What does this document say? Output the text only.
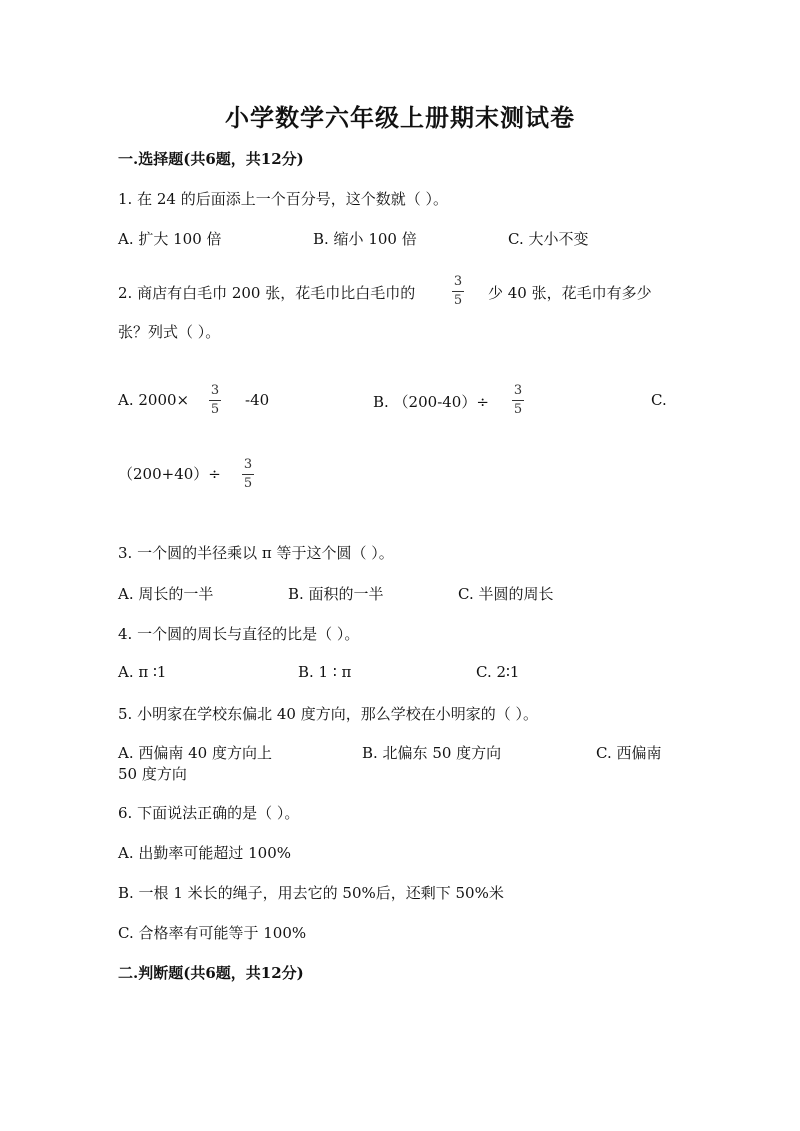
小学数学六年级上册期末测试卷
一.选择题(共6题，共12分)
1. 在 24 的后面添上一个百分号，这个数就（ ）。
A. 扩大 100 倍	B. 缩小 100 倍	C. 大小不变
2. 商店有白毛巾 200 张，花毛巾比白毛巾的
3
5 少 40 张，花毛巾有多少
张？列式（ ）。
A. 2000×
3
5
-40	B. （200-40）÷
3
5
C.
（200+40）÷
3
5
3. 一个圆的半径乘以 π 等于这个圆（ ）。
A. 周长的一半	B. 面积的一半	C. 半圆的周长
4. 一个圆的周长与直径的比是（ ）。
A. π ∶1	B. 1 ∶ π	C. 2∶1
5. 小明家在学校东偏北 40 度方向，那么学校在小明家的（ ）。
A. 西偏南 40 度方向上	B. 北偏东 50 度方向	C. 西偏南
50 度方向
6. 下面说法正确的是（ ）。
A. 出勤率可能超过 100%
B. 一根 1 米长的绳子，用去它的 50%后，还剩下 50%米
C. 合格率有可能等于 100%
二.判断题(共6题，共12分)
